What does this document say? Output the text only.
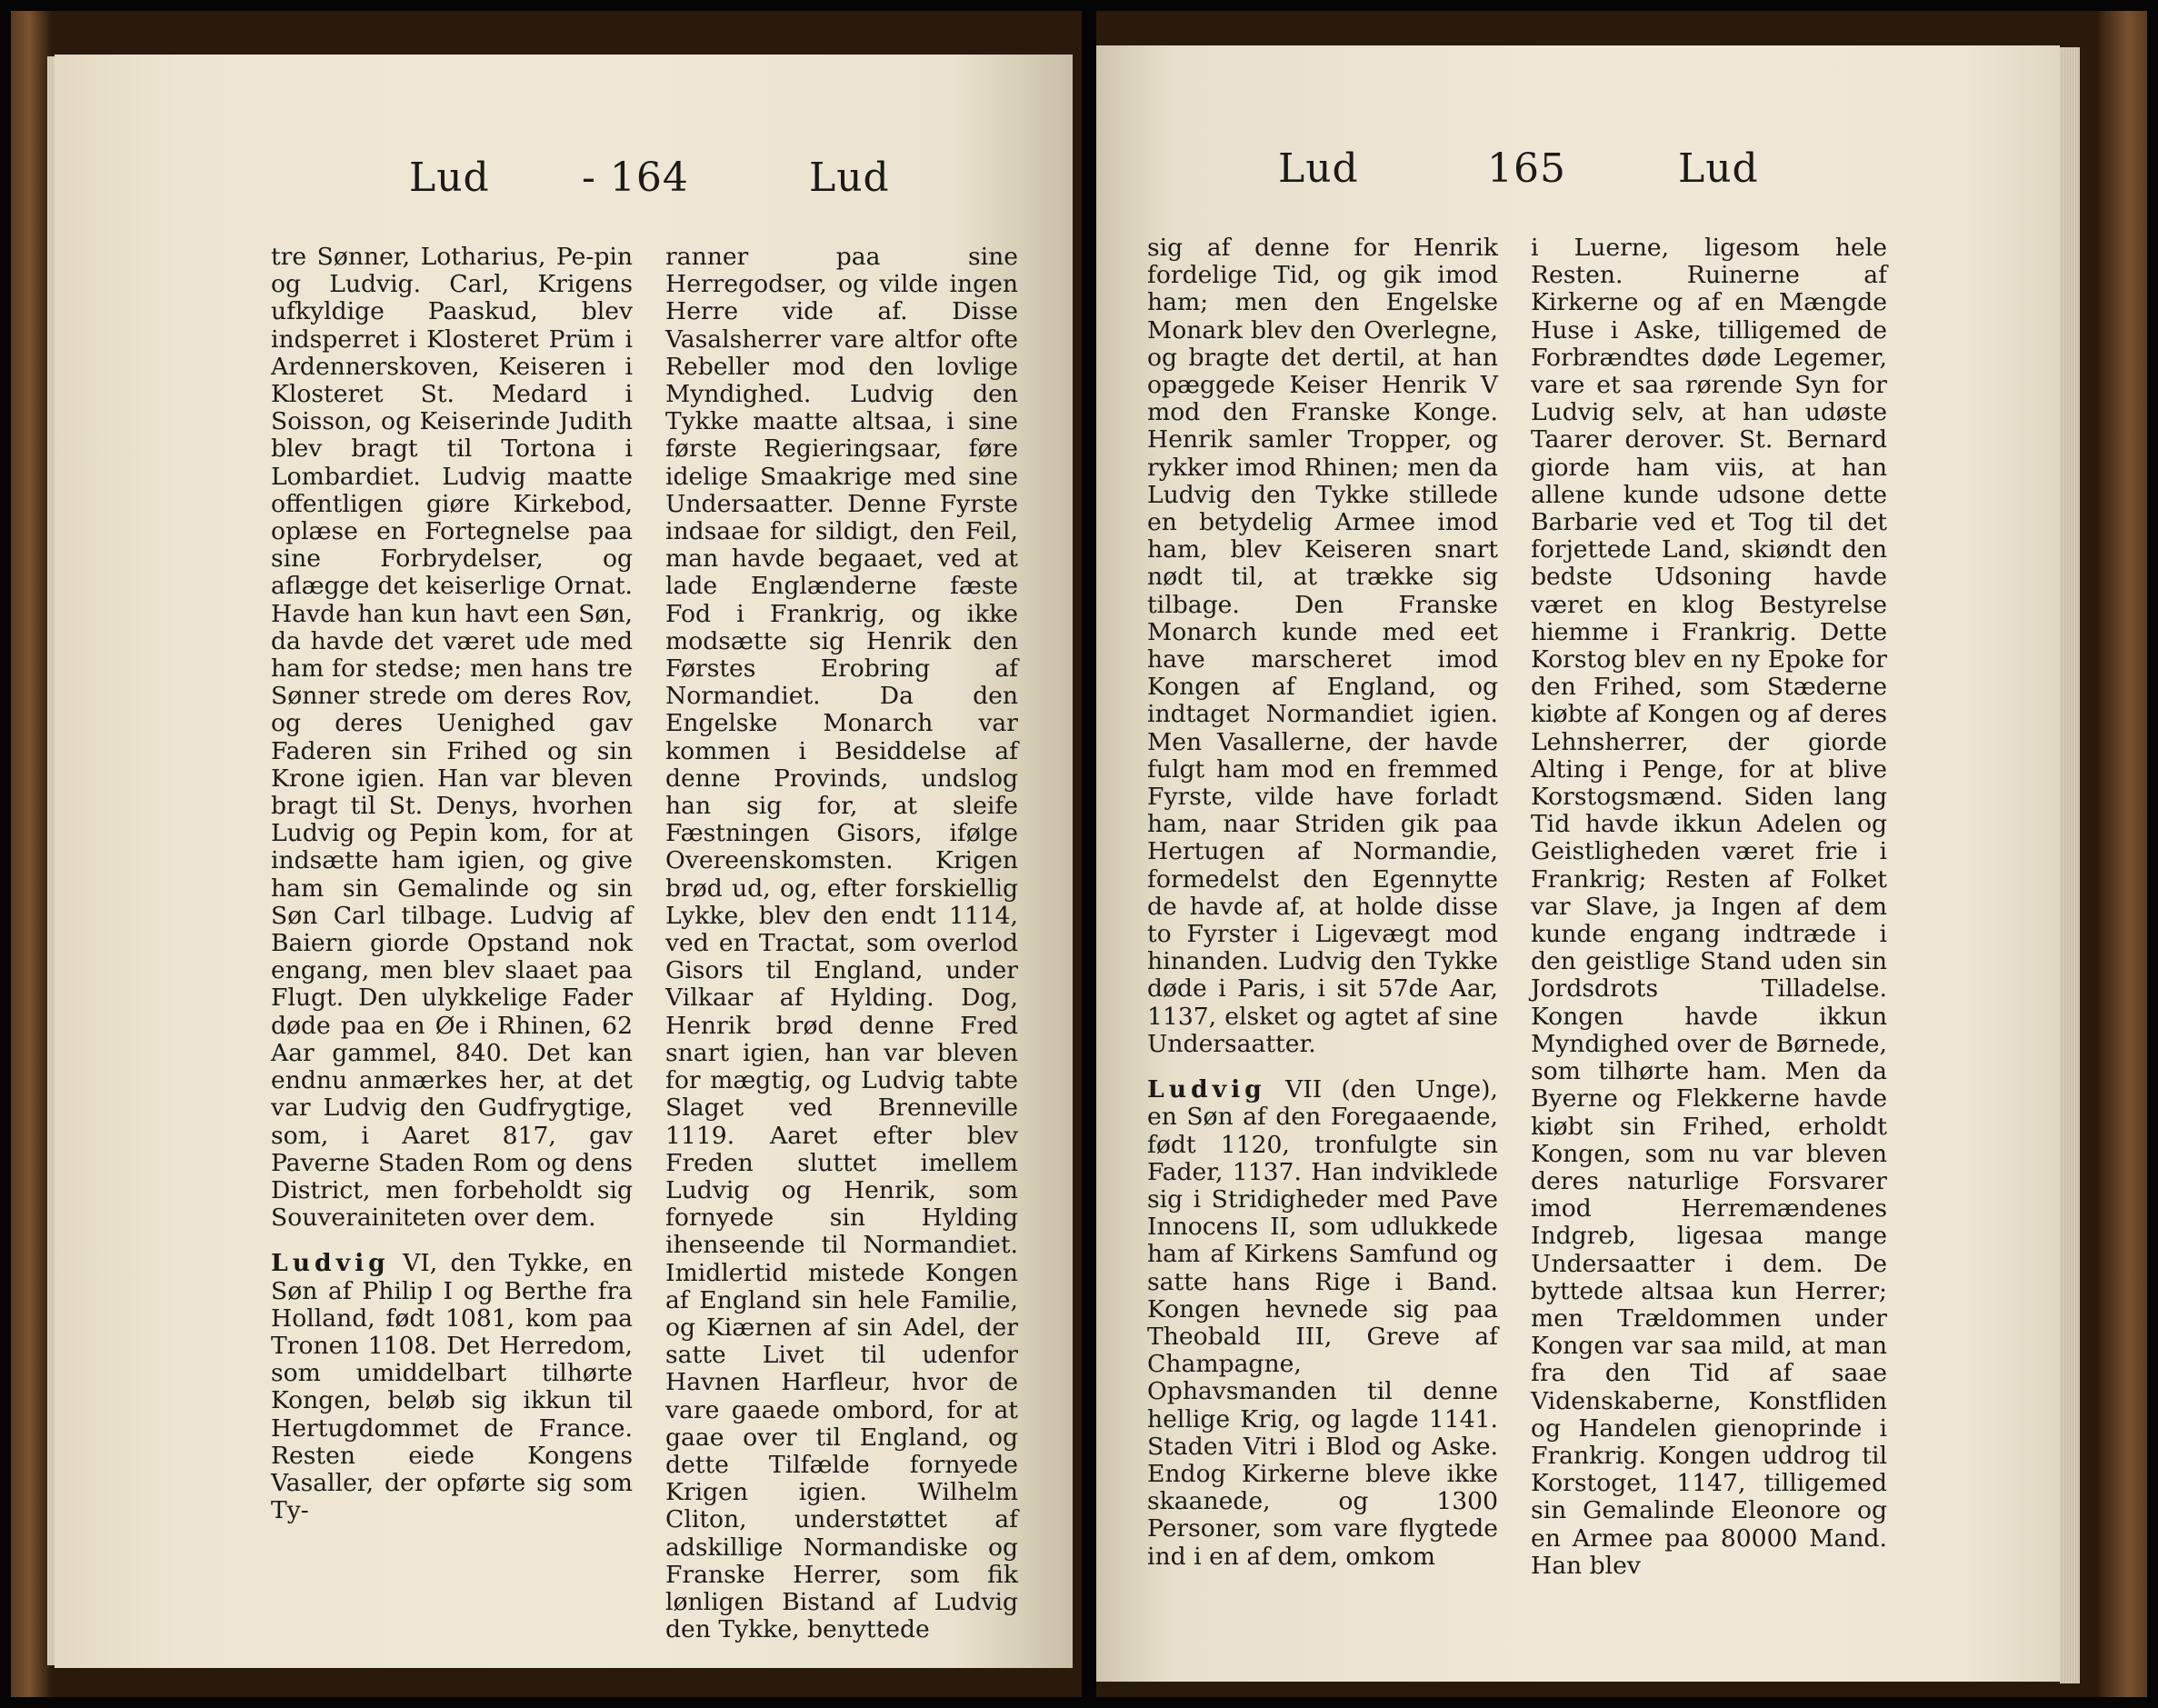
Lud - 164	Lud

tre Sønner, Lotharius, Pe-pin og Ludvig. Carl, Krigens ufkyldige Paaskud, blev indsperret i Klosteret Prüm i Ardennerskoven, Keiseren i Klosteret St. Medard i Soisson, og Keiserinde Judith blev bragt til Tortona i Lombardiet. Ludvig maatte offentligen giøre Kirkebod, oplæse en Fortegnelse paa sine Forbrydelser, og aflægge det keiserlige Ornat. Havde han kun havt een Søn, da havde det været ude med ham for stedse; men hans tre Sønner strede om deres Rov, og deres Uenighed gav Faderen sin Frihed og sin Krone igien. Han var bleven bragt til St. Denys, hvorhen Ludvig og Pepin kom, for at indsætte ham igien, og give ham sin Gemalinde og sin Søn Carl tilbage. Ludvig af Baiern giorde Opstand nok engang, men blev slaaet paa Flugt. Den ulykkelige Fader døde paa en Øe i Rhinen, 62 Aar gammel, 840. Det kan endnu anmærkes her, at det var Ludvig den Gudfrygtige, som, i Aaret 817, gav Paverne Staden Rom og dens District, men forbeholdt sig Souverainiteten over dem.

Ludvig VI, den Tykke, en Søn af Philip I og Berthe fra Holland, født 1081, kom paa Tronen 1108. Det Herredom, som umiddelbart tilhørte Kongen, beløb sig ikkun til Hertugdommet de France. Resten eiede Kongens Vasaller, der opførte sig som Ty-

ranner paa sine Herregodser, og vilde ingen Herre vide af. Disse Vasalsherrer vare altfor ofte Rebeller mod den lovlige Myndighed. Ludvig den Tykke maatte altsaa, i sine første Regieringsaar, føre idelige Smaakrige med sine Undersaatter. Denne Fyrste indsaae for sildigt, den Feil, man havde begaaet, ved at lade Englænderne fæste Fod i Frankrig, og ikke modsætte sig Henrik den Førstes Erobring af Normandiet. Da den Engelske Monarch var kommen i Besiddelse af denne Provinds, undslog han sig for, at sleife Fæstningen Gisors, ifølge Overeenskomsten. Krigen brød ud, og, efter forskiellig Lykke, blev den endt 1114, ved en Tractat, som overlod Gisors til England, under Vilkaar af Hylding. Dog, Henrik brød denne Fred snart igien, han var bleven for mægtig, og Ludvig tabte Slaget ved Brenneville 1119. Aaret efter blev Freden sluttet imellem Ludvig og Henrik, som fornyede sin Hylding ihenseende til Normandiet. Imidlertid mistede Kongen af England sin hele Familie, og Kiærnen af sin Adel, der satte Livet til udenfor Havnen Harfleur, hvor de vare gaaede ombord, for at gaae over til England, og dette Tilfælde fornyede Krigen igien. Wilhelm Cliton, understøttet af adskillige Normandiske og Franske Herrer, som fik lønligen Bistand af Ludvig den Tykke, benyttede

Lud	165	Lud

sig af denne for Henrik fordelige Tid, og gik imod ham; men den Engelske Monark blev den Overlegne, og bragte det dertil, at han opæggede Keiser Henrik V mod den Franske Konge. Henrik samler Tropper, og rykker imod Rhinen; men da Ludvig den Tykke stillede en betydelig Armee imod ham, blev Keiseren snart nødt til, at trække sig tilbage. Den Franske Monarch kunde med eet have marscheret imod Kongen af England, og indtaget Normandiet igien. Men Vasallerne, der havde fulgt ham mod en fremmed Fyrste, vilde have forladt ham, naar Striden gik paa Hertugen af Normandie, formedelst den Egennytte de havde af, at holde disse to Fyrster i Ligevægt mod hinanden. Ludvig den Tykke døde i Paris, i sit 57de Aar, 1137, elsket og agtet af sine Undersaatter.

Ludvig VII (den Unge), en Søn af den Foregaaende, født 1120, tronfulgte sin Fader, 1137. Han indviklede sig i Stridigheder med Pave Innocens II, som udlukkede ham af Kirkens Samfund og satte hans Rige i Band. Kongen hevnede sig paa Theobald III, Greve af Champagne, Ophavsmanden til denne hellige Krig, og lagde 1141. Staden Vitri i Blod og Aske. Endog Kirkerne bleve ikke skaanede, og 1300 Personer, som vare flygtede ind i en af dem, omkom

i Luerne, ligesom hele Resten. Ruinerne af Kirkerne og af en Mængde Huse i Aske, tilligemed de Forbrændtes døde Legemer, vare et saa rørende Syn for Ludvig selv, at han udøste Taarer derover. St. Bernard giorde ham viis, at han allene kunde udsone dette Barbarie ved et Tog til det forjettede Land, skiøndt den bedste Udsoning havde været en klog Bestyrelse hiemme i Frankrig. Dette Korstog blev en ny Epoke for den Frihed, som Stæderne kiøbte af Kongen og af deres Lehnsherrer, der giorde Alting i Penge, for at blive Korstogsmænd. Siden lang Tid havde ikkun Adelen og Geistligheden været frie i Frankrig; Resten af Folket var Slave, ja Ingen af dem kunde engang indtræde i den geistlige Stand uden sin Jordsdrots Tilladelse. Kongen havde ikkun Myndighed over de Børnede, som tilhørte ham. Men da Byerne og Flekkerne havde kiøbt sin Frihed, erholdt Kongen, som nu var bleven deres naturlige Forsvarer imod Herremændenes Indgreb, ligesaa mange Undersaatter i dem. De byttede altsaa kun Herrer; men Trældommen under Kongen var saa mild, at man fra den Tid af saae Videnskaberne, Konstfliden og Handelen gienoprinde i Frankrig. Kongen uddrog til Korstoget, 1147, tilligemed sin Gemalinde Eleonore og en Armee paa 80000 Mand. Han blev
